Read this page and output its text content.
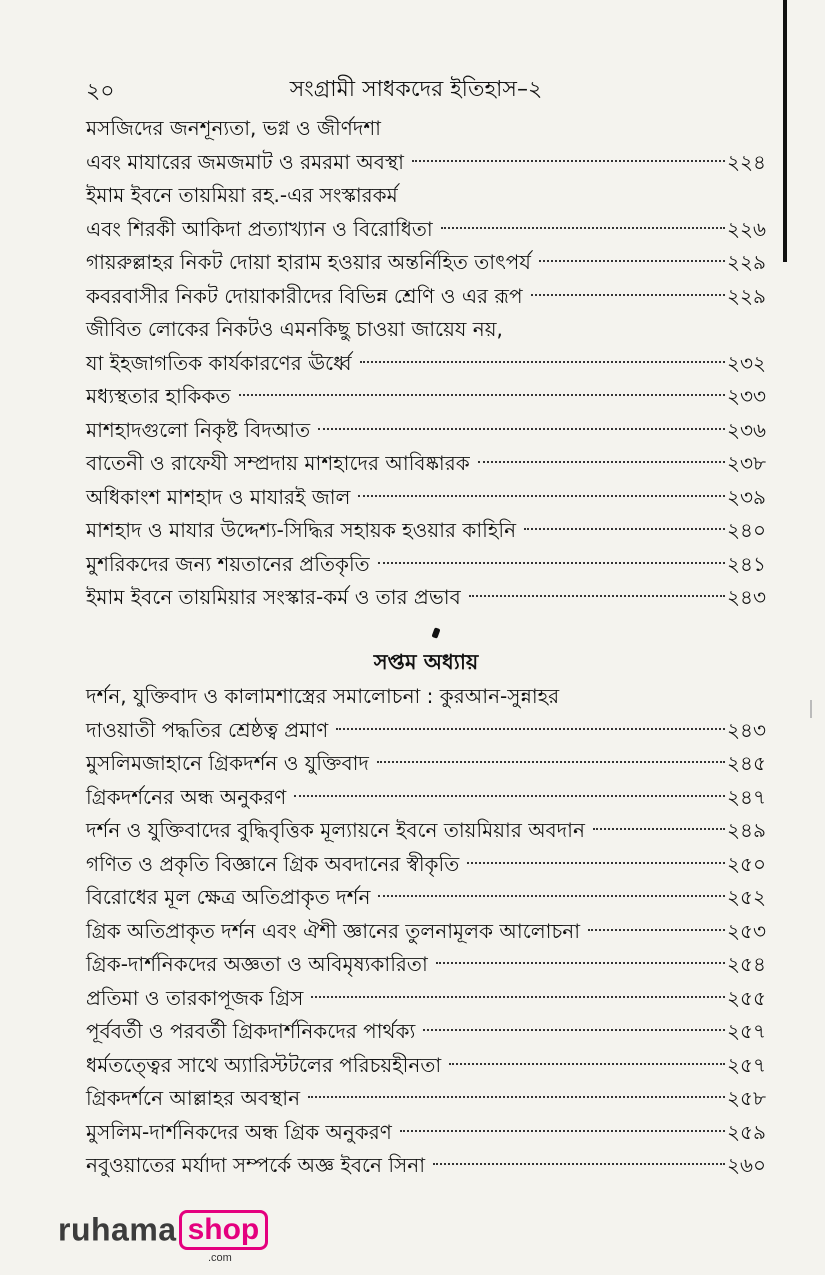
২০	সংগ্রামী সাধকদের ইতিহাস–২
মসজিদের জনশূন্যতা, ভগ্ন ও জীর্ণদশা
এবং মাযারের জমজমাট ও রমরমা অবস্থা	২২৪
ইমাম ইবনে তায়মিয়া রহ.-এর সংস্কারকর্ম
এবং শিরকী আকিদা প্রত্যাখ্যান ও বিরোধিতা	২২৬
গায়রুল্লাহর নিকট দোয়া হারাম হওয়ার অন্তর্নিহিত তাৎপর্য	২২৯
কবরবাসীর নিকট দোয়াকারীদের বিভিন্ন শ্রেণি ও এর রূপ	২২৯
জীবিত লোকের নিকটও এমনকিছু চাওয়া জায়েয নয়,
যা ইহজাগতিক কার্যকারণের ঊর্ধ্বে	২৩২
মধ্যস্থতার হাকিকত	২৩৩
মাশহাদগুলো নিকৃষ্ট বিদআত	২৩৬
বাতেনী ও রাফেযী সম্প্রদায় মাশহাদের আবিষ্কারক	২৩৮
অধিকাংশ মাশহাদ ও মাযারই জাল	২৩৯
মাশহাদ ও মাযার উদ্দেশ্য-সিদ্ধির সহায়ক হওয়ার কাহিনি	২৪০
মুশরিকদের জন্য শয়তানের প্রতিকৃতি	২৪১
ইমাম ইবনে তায়মিয়ার সংস্কার-কর্ম ও তার প্রভাব	২৪৩
সপ্তম অধ্যায়
দর্শন, যুক্তিবাদ ও কালামশাস্ত্রের সমালোচনা : কুরআন-সুন্নাহর
দাওয়াতী পদ্ধতির শ্রেষ্ঠত্ব প্রমাণ	২৪৩
মুসলিমজাহানে গ্রিকদর্শন ও যুক্তিবাদ	২৪৫
গ্রিকদর্শনের অন্ধ অনুকরণ	২৪৭
দর্শন ও যুক্তিবাদের বুদ্ধিবৃত্তিক মূল্যায়নে ইবনে তায়মিয়ার অবদান	২৪৯
গণিত ও প্রকৃতি বিজ্ঞানে গ্রিক অবদানের স্বীকৃতি	২৫০
বিরোধের মূল ক্ষেত্র অতিপ্রাকৃত দর্শন	২৫২
গ্রিক অতিপ্রাকৃত দর্শন এবং ঐশী জ্ঞানের তুলনামূলক আলোচনা	২৫৩
গ্রিক-দার্শনিকদের অজ্ঞতা ও অবিমৃষ্যকারিতা	২৫৪
প্রতিমা ও তারকাপূজক গ্রিস	২৫৫
পূর্ববর্তী ও পরবর্তী গ্রিকদার্শনিকদের পার্থক্য	২৫৭
ধর্মতত্ত্বের সাথে অ্যারিস্টটলের পরিচয়হীনতা	২৫৭
গ্রিকদর্শনে আল্লাহর অবস্থান	২৫৮
মুসলিম-দার্শনিকদের অন্ধ গ্রিক অনুকরণ	২৫৯
নবুওয়াতের মর্যাদা সম্পর্কে অজ্ঞ ইবনে সিনা	২৬০
ruhama shop
.com
